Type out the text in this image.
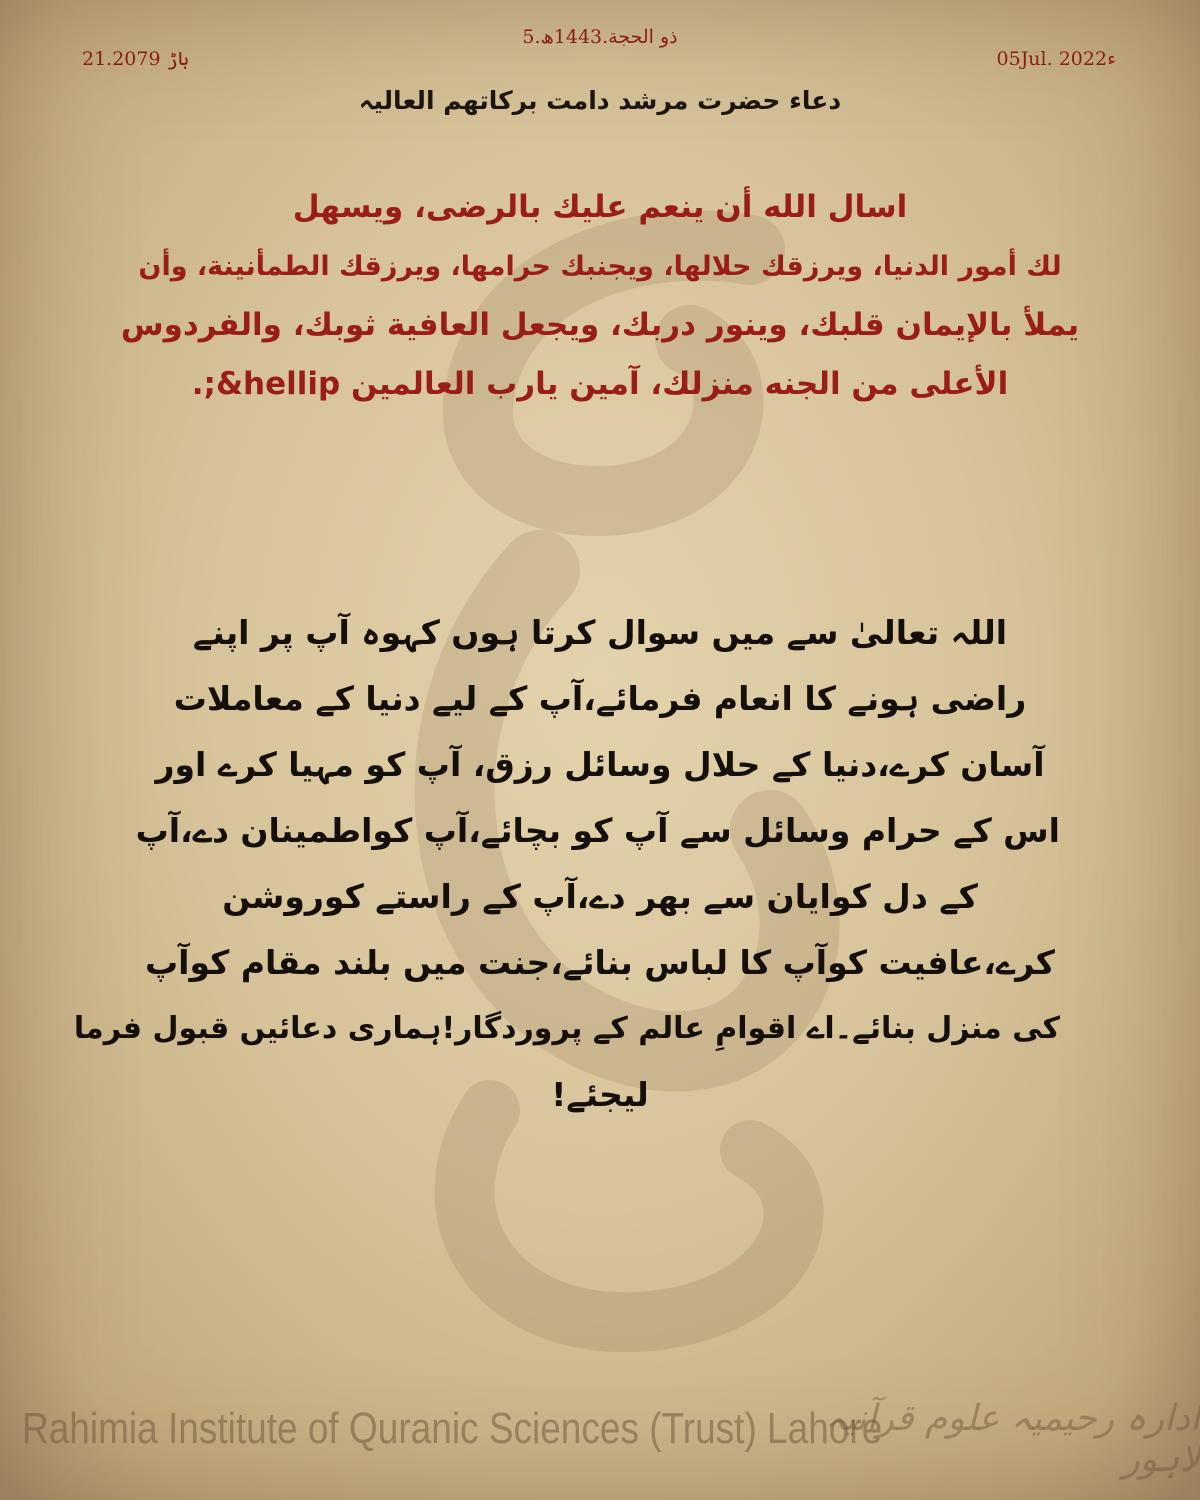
5.ذو الحجة.1443ھ
21.ہاڑ 2079	05Jul. 2022ء
دعاء حضرت مرشد دامت برکاتھم العالیہ
اسال الله أن ینعم علیك بالرضی، ویسھل
لك أمور الدنیا، ویرزقك حلالھا، ویجنبك حرامھا، ویرزقك الطمأنینة، وأن
یملأ بالإیمان قلبك، وینور دربك، ویجعل العافیة ثوبك، والفردوس
الأعلی من الجنه منزلك، آمین یارب العالمین hellip&;.
اللہ تعالیٰ سے میں سوال کرتا ہوں کہوہ آپ پر اپنے
راضی ہونے کا انعام فرمائے،آپ کے لیے دنیا کے معاملات
آسان کرے،دنیا کے حلال وسائل رزق، آپ کو مہیا کرے اور
اس کے حرام وسائل سے آپ کو بچائے،آپ کواطمینان دے،آپ
کے دل کوایان سے بھر دے،آپ کے راستے کوروشن
کرے،عافیت کوآپ کا لباس بنائے،جنت میں بلند مقام کوآپ
کی منزل بنائے۔اے اقوامِ عالم کے پروردگار!ہماری دعائیں قبول فرما
لیجئے!
Rahimia Institute of Quranic Sciences (Trust) Lahore
ادارہ رحیمیہ علوم قرآنیہ لاہور
